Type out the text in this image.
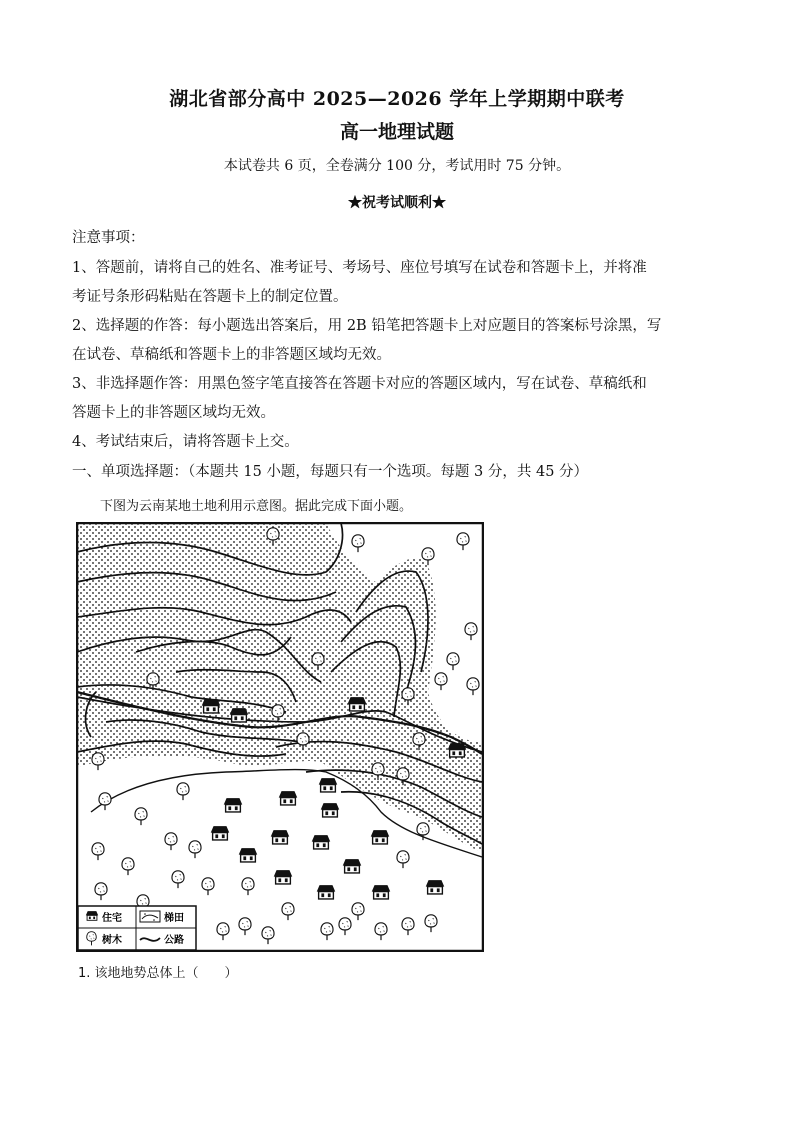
湖北省部分高中 2025—2026 学年上学期期中联考
高一地理试题
本试卷共 6 页，全卷满分 100 分，考试用时 75 分钟。
★祝考试顺利★
注意事项：
1、答题前，请将自己的姓名、准考证号、考场号、座位号填写在试卷和答题卡上，并将准
考证号条形码粘贴在答题卡上的制定位置。
2、选择题的作答：每小题选出答案后，用 2B 铅笔把答题卡上对应题目的答案标号涂黑，写
在试卷、草稿纸和答题卡上的非答题区域均无效。
3、非选择题作答：用黑色签字笔直接答在答题卡对应的答题区域内，写在试卷、草稿纸和
答题卡上的非答题区域均无效。
4、考试结束后，请将答题卡上交。
一、单项选择题：（本题共 15 小题，每题只有一个选项。每题 3 分，共 45 分）
下图为云南某地土地利用示意图。据此完成下面小题。
住宅	梯田
树木	公路
1. 该地地势总体上（　　）
